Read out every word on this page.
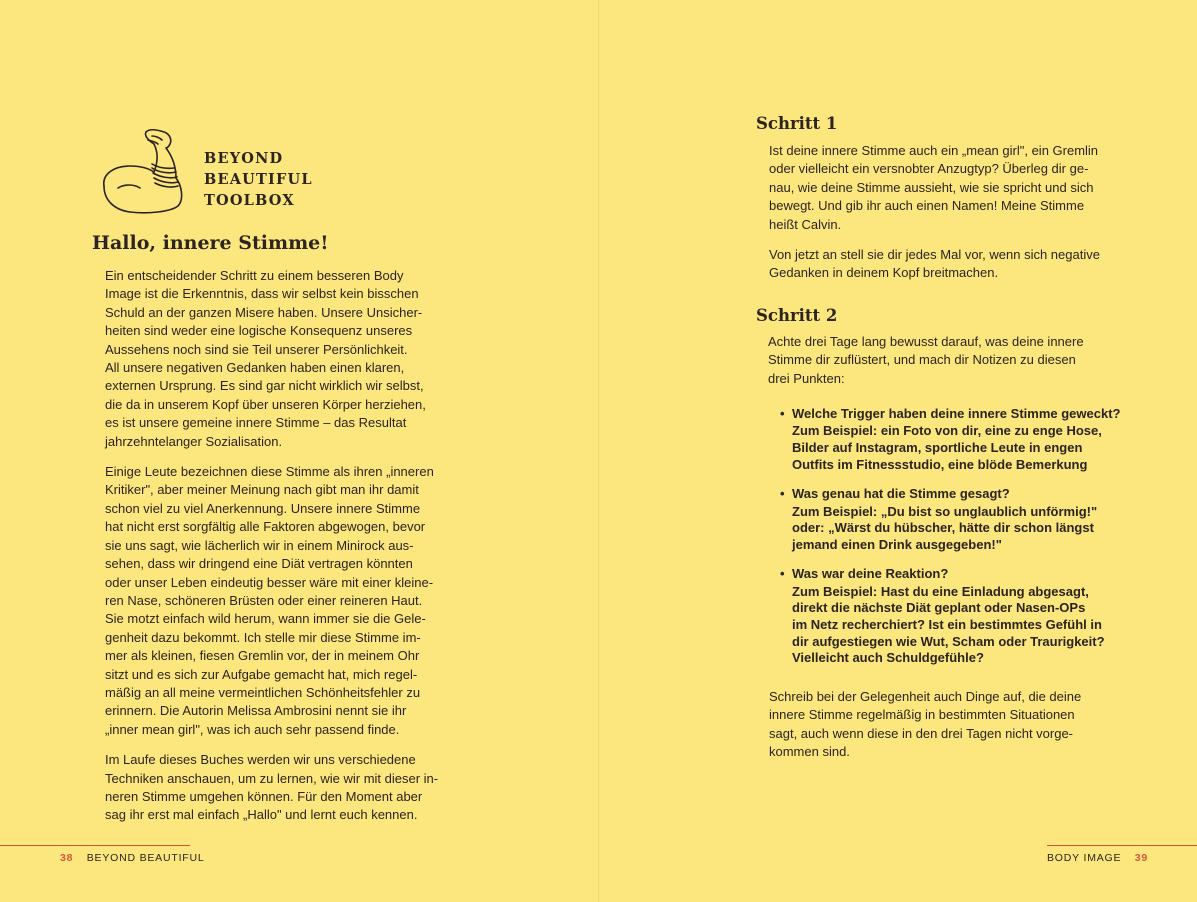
BEYOND
BEAUTIFUL
TOOLBOX
Hallo, innere Stimme!

Ein entscheidender Schritt zu einem besseren Body
Image ist die Erkenntnis, dass wir selbst kein bisschen
Schuld an der ganzen Misere haben. Unsere Unsicher-
heiten sind weder eine logische Konsequenz unseres
Aussehens noch sind sie Teil unserer Persönlichkeit.
All unsere negativen Gedanken haben einen klaren,
externen Ursprung. Es sind gar nicht wirklich wir selbst,
die da in unserem Kopf über unseren Körper herziehen,
es ist unsere gemeine innere Stimme – das Resultat
jahrzehntelanger Sozialisation.

Einige Leute bezeichnen diese Stimme als ihren „inneren
Kritiker", aber meiner Meinung nach gibt man ihr damit
schon viel zu viel Anerkennung. Unsere innere Stimme
hat nicht erst sorgfältig alle Faktoren abgewogen, bevor
sie uns sagt, wie lächerlich wir in einem Minirock aus-
sehen, dass wir dringend eine Diät vertragen könnten
oder unser Leben eindeutig besser wäre mit einer kleine-
ren Nase, schöneren Brüsten oder einer reineren Haut.
Sie motzt einfach wild herum, wann immer sie die Gele-
genheit dazu bekommt. Ich stelle mir diese Stimme im-
mer als kleinen, fiesen Gremlin vor, der in meinem Ohr
sitzt und es sich zur Aufgabe gemacht hat, mich regel-
mäßig an all meine vermeintlichen Schönheitsfehler zu
erinnern. Die Autorin Melissa Ambrosini nennt sie ihr
„inner mean girl", was ich auch sehr passend finde.

Im Laufe dieses Buches werden wir uns verschiedene
Techniken anschauen, um zu lernen, wie wir mit dieser in-
neren Stimme umgehen können. Für den Moment aber
sag ihr erst mal einfach „Hallo" und lernt euch kennen.

38 BEYOND BEAUTIFUL
Schritt 1

Ist deine innere Stimme auch ein „mean girl", ein Gremlin
oder vielleicht ein versnobter Anzugtyp? Überleg dir ge-
nau, wie deine Stimme aussieht, wie sie spricht und sich
bewegt. Und gib ihr auch einen Namen! Meine Stimme
heißt Calvin.

Von jetzt an stell sie dir jedes Mal vor, wenn sich negative
Gedanken in deinem Kopf breitmachen.

Schritt 2

Achte drei Tage lang bewusst darauf, was deine innere
Stimme dir zuflüstert, und mach dir Notizen zu diesen
drei Punkten:

• Welche Trigger haben deine innere Stimme geweckt?
Zum Beispiel: ein Foto von dir, eine zu enge Hose,
Bilder auf Instagram, sportliche Leute in engen
Outfits im Fitnessstudio, eine blöde Bemerkung
• Was genau hat die Stimme gesagt?
Zum Beispiel: „Du bist so unglaublich unförmig!"
oder: „Wärst du hübscher, hätte dir schon längst
jemand einen Drink ausgegeben!"
• Was war deine Reaktion?
Zum Beispiel: Hast du eine Einladung abgesagt,
direkt die nächste Diät geplant oder Nasen-OPs
im Netz recherchiert? Ist ein bestimmtes Gefühl in
dir aufgestiegen wie Wut, Scham oder Traurigkeit?
Vielleicht auch Schuldgefühle?

Schreib bei der Gelegenheit auch Dinge auf, die deine
innere Stimme regelmäßig in bestimmten Situationen
sagt, auch wenn diese in den drei Tagen nicht vorge-
kommen sind.

BODY IMAGE 39
